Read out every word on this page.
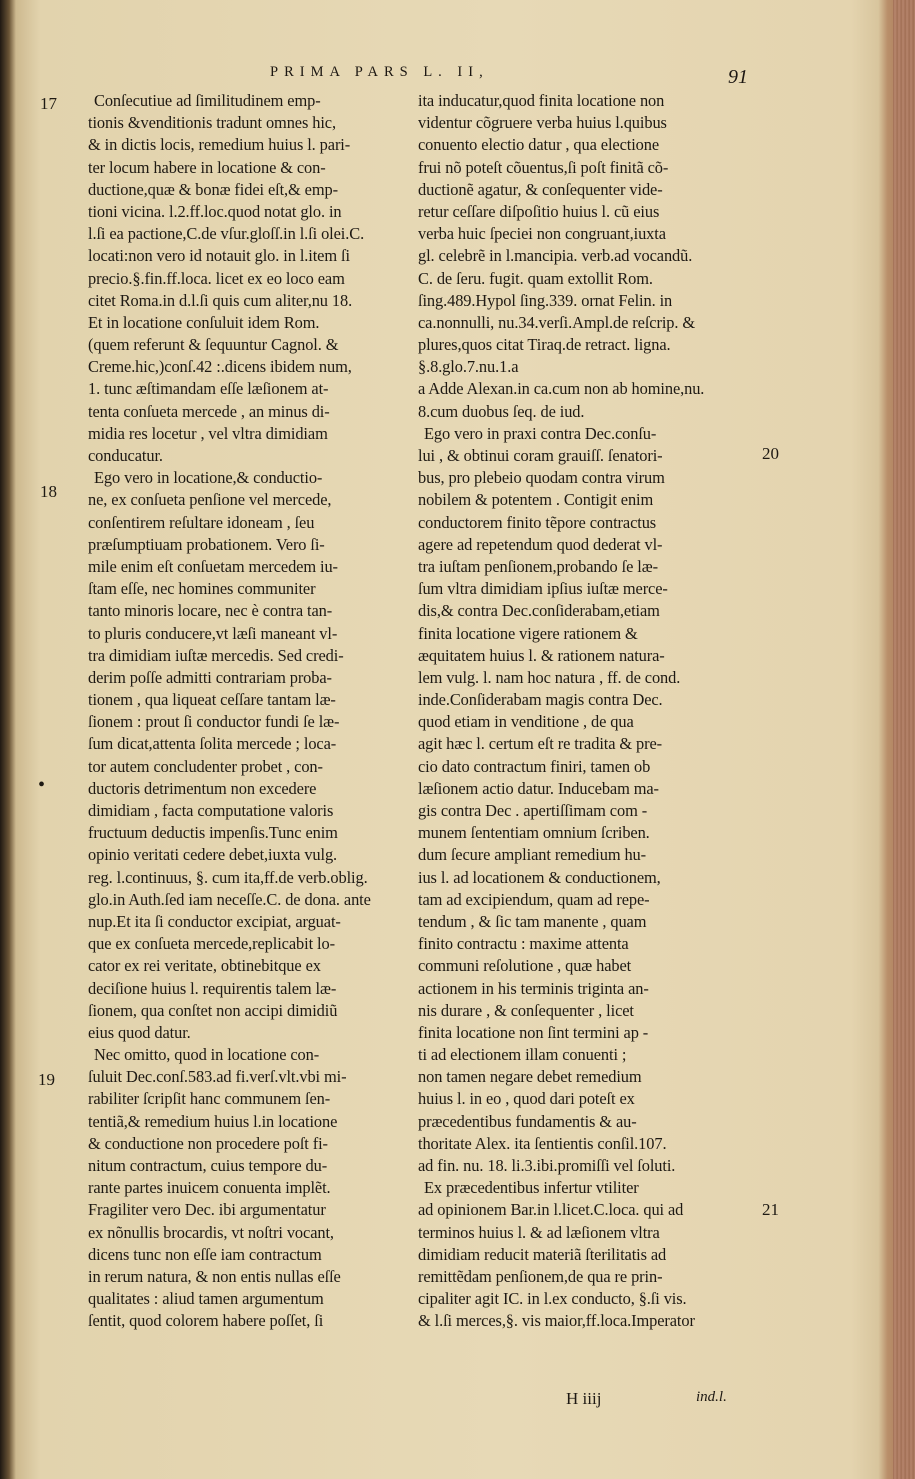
PRIMA PARS L. II,	91
17
18
•
19
20
21
Conſecutiue ad ſimilitudinem emp-
tionis &venditionis tradunt omnes hic,
& in dictis locis, remedium huius l. pari-
ter locum habere in locatione & con-
ductione,quæ & bonæ fidei eſt,& emp-
tioni vicina. l.2.ff.loc.quod notat glo. in
l.ſi ea pactione,C.de vſur.gloſſ.in l.ſi olei.C.
locati:non vero id notauit glo. in l.item ſi
precio.§.fin.ff.loca. licet ex eo loco eam
citet Roma.in d.l.ſi quis cum aliter,nu 18.
Et in locatione conſuluit idem Rom.
(quem referunt & ſequuntur Cagnol. &
Creme.hic,)conſ.42 :.dicens ibidem num,
1. tunc æſtimandam eſſe læſionem at-
tenta conſueta mercede , an minus di-
midia res locetur , vel vltra dimidiam
conducatur.
Ego vero in locatione,& conductio-
ne, ex conſueta penſione vel mercede,
conſentirem reſultare idoneam , ſeu
præſumptiuam probationem. Vero ſi-
mile enim eſt conſuetam mercedem iu-
ſtam eſſe, nec homines communiter
tanto minoris locare, nec è contra tan-
to pluris conducere,vt læſi maneant vl-
tra dimidiam iuſtæ mercedis. Sed credi-
derim poſſe admitti contrariam proba-
tionem , qua liqueat ceſſare tantam læ-
ſionem : prout ſi conductor fundi ſe læ-
ſum dicat,attenta ſolita mercede ; loca-
tor autem concludenter probet , con-
ductoris detrimentum non excedere
dimidiam , facta computatione valoris
fructuum deductis impenſis.Tunc enim
opinio veritati cedere debet,iuxta vulg.
reg. l.continuus, §. cum ita,ff.de verb.oblig.
glo.in Auth.ſed iam neceſſe.C. de dona. ante
nup.Et ita ſi conductor excipiat, arguat-
que ex conſueta mercede,replicabit lo-
cator ex rei veritate, obtinebitque ex
deciſione huius l. requirentis talem læ-
ſionem, qua conſtet non accipi dimidiũ
eius quod datur.
Nec omitto, quod in locatione con-
ſuluit Dec.conſ.583.ad fi.verſ.vlt.vbi mi-
rabiliter ſcripſit hanc communem ſen-
tentiã,& remedium huius l.in locatione
& conductione non procedere poſt fi-
nitum contractum, cuius tempore du-
rante partes inuicem conuenta implẽt.
Fragiliter vero Dec. ibi argumentatur
ex nõnullis brocardis, vt noſtri vocant,
dicens tunc non eſſe iam contractum
in rerum natura, & non entis nullas eſſe
qualitates : aliud tamen argumentum
ſentit, quod colorem habere poſſet, ſi
ita inducatur,quod finita locatione non
videntur cõgruere verba huius l.quibus
conuento electio datur , qua electione
frui nõ poteſt cõuentus,ſi poſt finitã cõ-
ductionẽ agatur, & conſequenter vide-
retur ceſſare diſpoſitio huius l. cũ eius
verba huic ſpeciei non congruant,iuxta
gl. celebrẽ in l.mancipia. verb.ad vocandũ.
C. de ſeru. fugit. quam extollit Rom.
ſing.489.Hypol ſing.339. ornat Felin. in
ca.nonnulli, nu.34.verſi.Ampl.de reſcrip. &
plures,quos citat Tiraq.de retract. ligna.
§.8.glo.7.nu.1.a
a Adde Alexan.in ca.cum non ab homine,nu.
8.cum duobus ſeq. de iud.
Ego vero in praxi contra Dec.conſu-
lui , & obtinui coram grauiſſ. ſenatori-
bus, pro plebeio quodam contra virum
nobilem & potentem . Contigit enim
conductorem finito tẽpore contractus
agere ad repetendum quod dederat vl-
tra iuſtam penſionem,probando ſe læ-
ſum vltra dimidiam ipſius iuſtæ merce-
dis,& contra Dec.conſiderabam,etiam
finita locatione vigere rationem &
æquitatem huius l. & rationem natura-
lem vulg. l. nam hoc natura , ff. de cond.
inde.Conſiderabam magis contra Dec.
quod etiam in venditione , de qua
agit hæc l. certum eſt re tradita & pre-
cio dato contractum finiri, tamen ob
læſionem actio datur. Inducebam ma-
gis contra Dec . apertiſſimam com -
munem ſententiam omnium ſcriben.
dum ſecure ampliant remedium hu-
ius l. ad locationem & conductionem,
tam ad excipiendum, quam ad repe-
tendum , & ſic tam manente , quam
finito contractu : maxime attenta
communi reſolutione , quæ habet
actionem in his terminis triginta an-
nis durare , & conſequenter , licet
finita locatione non ſint termini ap -
ti ad electionem illam conuenti ;
non tamen negare debet remedium
huius l. in eo , quod dari poteſt ex
præcedentibus fundamentis & au-
thoritate Alex. ita ſentientis conſil.107.
ad fin. nu. 18. li.3.ibi.promiſſi vel ſoluti.
Ex præcedentibus infertur vtiliter
ad opinionem Bar.in l.licet.C.loca. qui ad
terminos huius l. & ad læſionem vltra
dimidiam reducit materiã ſterilitatis ad
remittẽdam penſionem,de qua re prin-
cipaliter agit IC. in l.ex conducto, §.ſi vis.
& l.ſi merces,§. vis maior,ff.loca.Imperator
H iiij	ind.l.
